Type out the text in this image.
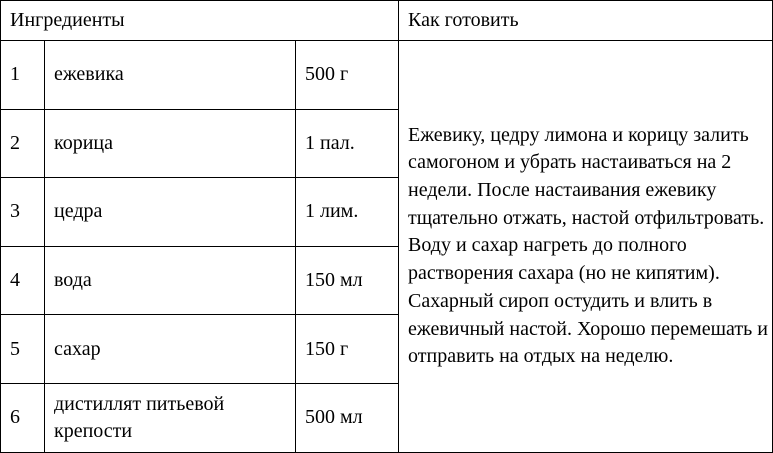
Ингредиенты			Как готовить
1	ежевика	500 г	Ежевику, цедру лимона и корицу залить самогоном и убрать настаиваться на 2 недели. После настаивания ежевику тщательно отжать, настой отфильтровать. Воду и сахар нагреть до полного растворения сахара (но не кипятим). Сахарный сироп остудить и влить в ежевичный настой. Хорошо перемешать и отправить на отдых на неделю.
2	корица	1 пал.	
3	цедра	1 лим.	
4	вода	150 мл	
5	сахар	150 г	
6	дистиллят питьевой крепости	500 мл	
